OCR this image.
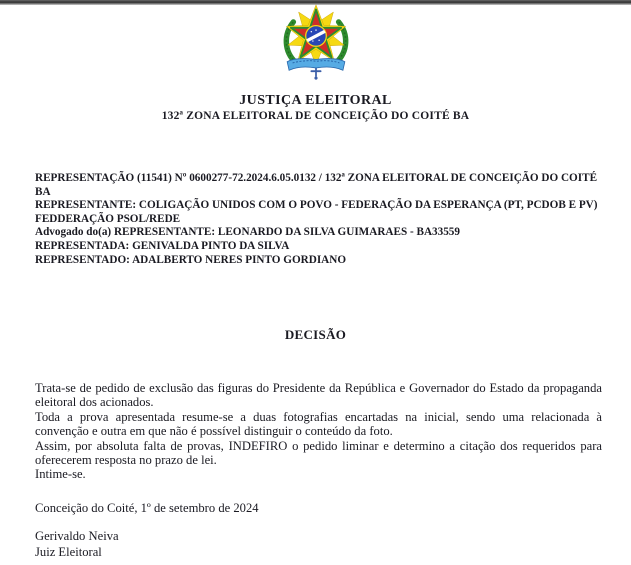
JUSTIÇA ELEITORAL
132ª ZONA ELEITORAL DE CONCEIÇÃO DO COITÉ BA
REPRESENTAÇÃO (11541) Nº 0600277-72.2024.6.05.0132 / 132ª ZONA ELEITORAL DE CONCEIÇÃO DO COITÉ BA
REPRESENTANTE: COLIGAÇÃO UNIDOS COM O POVO - FEDERAÇÃO DA ESPERANÇA (PT, PCDOB E PV)
FEDDERAÇÃO PSOL/REDE
Advogado do(a) REPRESENTANTE: LEONARDO DA SILVA GUIMARAES - BA33559
REPRESENTADA: GENIVALDA PINTO DA SILVA
REPRESENTADO: ADALBERTO NERES PINTO GORDIANO
DECISÃO

Trata-se de pedido de exclusão das figuras do Presidente da República e Governador do Estado da propaganda eleitoral dos acionados.

Toda a prova apresentada resume-se a duas fotografias encartadas na inicial, sendo uma relacionada à convenção e outra em que não é possível distinguir o conteúdo da foto.

Assim, por absoluta falta de provas, INDEFIRO o pedido liminar e determino a citação dos requeridos para oferecerem resposta no prazo de lei.

Intime-se.

Conceição do Coité, 1º de setembro de 2024
Gerivaldo Neiva
Juiz Eleitoral
